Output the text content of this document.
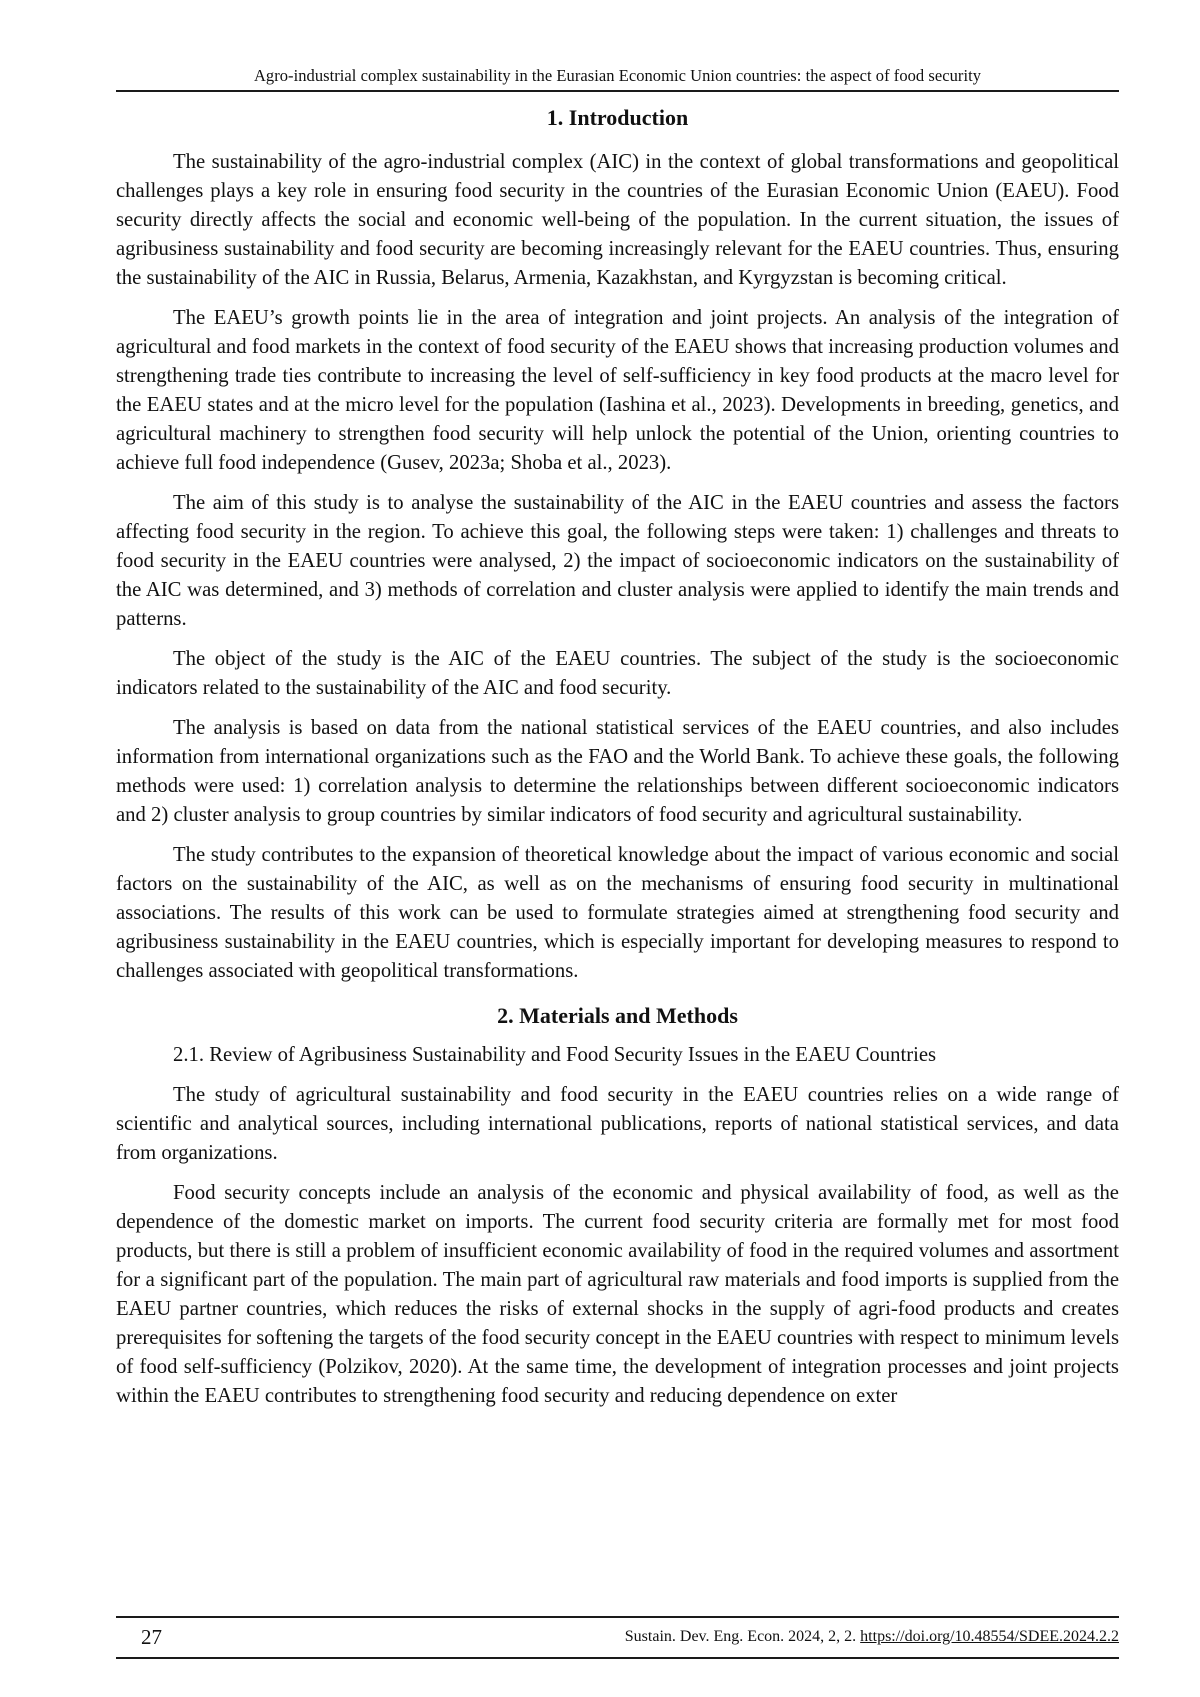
Agro-industrial complex sustainability in the Eurasian Economic Union countries: the aspect of food security
1. Introduction

The sustainability of the agro-industrial complex (AIC) in the context of global transformations and geopolitical challenges plays a key role in ensuring food security in the countries of the Eurasian Economic Union (EAEU). Food security directly affects the social and economic well-being of the population. In the current situation, the issues of agribusiness sustainability and food security are becoming increasingly relevant for the EAEU countries. Thus, ensuring the sustainability of the AIC in Russia, Belarus, Armenia, Kazakhstan, and Kyrgyzstan is becoming critical.

The EAEU’s growth points lie in the area of integration and joint projects. An analysis of the integration of agricultural and food markets in the context of food security of the EAEU shows that increasing production volumes and strengthening trade ties contribute to increasing the level of self-sufficiency in key food products at the macro level for the EAEU states and at the micro level for the population (Iashina et al., 2023). Developments in breeding, genetics, and agricultural machinery to strengthen food security will help unlock the potential of the Union, orienting countries to achieve full food independence (Gusev, 2023a; Shoba et al., 2023).

The aim of this study is to analyse the sustainability of the AIC in the EAEU countries and assess the factors affecting food security in the region. To achieve this goal, the following steps were taken: 1) challenges and threats to food security in the EAEU countries were analysed, 2) the impact of socioeconomic indicators on the sustainability of the AIC was determined, and 3) methods of correlation and cluster analysis were applied to identify the main trends and patterns.

The object of the study is the AIC of the EAEU countries. The subject of the study is the socioeconomic indicators related to the sustainability of the AIC and food security.

The analysis is based on data from the national statistical services of the EAEU countries, and also includes information from international organizations such as the FAO and the World Bank. To achieve these goals, the following methods were used: 1) correlation analysis to determine the relationships between different socioeconomic indicators and 2) cluster analysis to group countries by similar indicators of food security and agricultural sustainability.

The study contributes to the expansion of theoretical knowledge about the impact of various economic and social factors on the sustainability of the AIC, as well as on the mechanisms of ensuring food security in multinational associations. The results of this work can be used to formulate strategies aimed at strengthening food security and agribusiness sustainability in the EAEU countries, which is especially important for developing measures to respond to challenges associated with geopolitical transformations.

2. Materials and Methods

2.1. Review of Agribusiness Sustainability and Food Security Issues in the EAEU Countries

The study of agricultural sustainability and food security in the EAEU countries relies on a wide range of scientific and analytical sources, including international publications, reports of national statistical services, and data from organizations.

Food security concepts include an analysis of the economic and physical availability of food, as well as the dependence of the domestic market on imports. The current food security criteria are formally met for most food products, but there is still a problem of insufficient economic availability of food in the required volumes and assortment for a significant part of the population. The main part of agricultural raw materials and food imports is supplied from the EAEU partner countries, which reduces the risks of external shocks in the supply of agri-food products and creates prerequisites for softening the targets of the food security concept in the EAEU countries with respect to minimum levels of food self-sufficiency (Polzikov, 2020). At the same time, the development of integration processes and joint projects within the EAEU contributes to strengthening food security and reducing dependence on exter

27	Sustain. Dev. Eng. Econ. 2024, 2, 2. https://doi.org/10.48554/SDEE.2024.2.2
